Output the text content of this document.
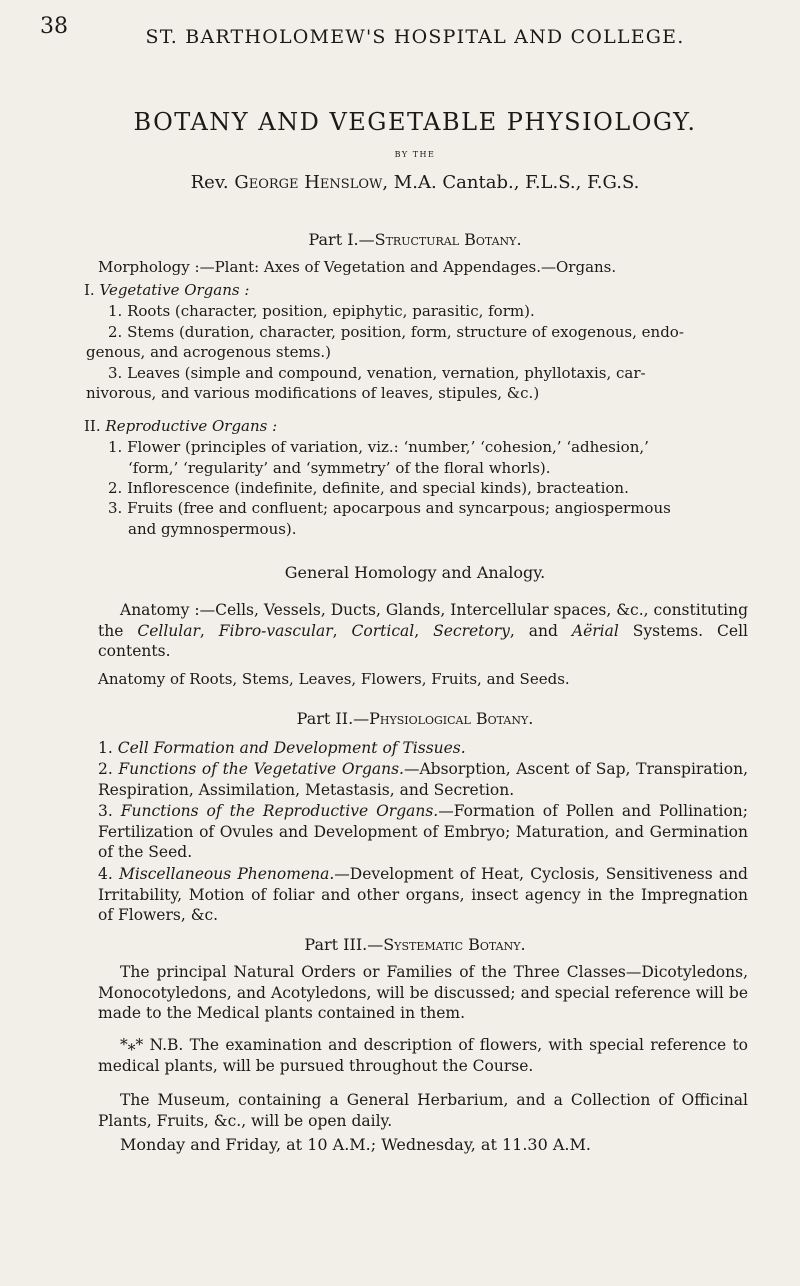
38	ST. BARTHOLOMEW'S HOSPITAL AND COLLEGE.
BOTANY AND VEGETABLE PHYSIOLOGY.
BY THE
Rev. George Henslow, M.A. Cantab., F.L.S., F.G.S.
Part I.—Structural Botany.
Morphology :—Plant: Axes of Vegetation and Appendages.—Organs.
I. Vegetative Organs :
1. Roots (character, position, epiphytic, parasitic, form).
2. Stems (duration, character, position, form, structure of exogenous, endo-
genous, and acrogenous stems.)
3. Leaves (simple and compound, venation, vernation, phyllotaxis, car-
nivorous, and various modifications of leaves, stipules, &c.)
II. Reproductive Organs :
1. Flower (principles of variation, viz.: ‘number,’ ‘cohesion,’ ‘adhesion,’
‘form,’ ‘regularity’ and ‘symmetry’ of the floral whorls).
2. Inflorescence (indefinite, definite, and special kinds), bracteation.
3. Fruits (free and confluent; apocarpous and syncarpous; angiospermous
and gymnospermous).
General Homology and Analogy.
Anatomy :—Cells, Vessels, Ducts, Glands, Intercellular spaces, &c., constituting the Cellular, Fibro-vascular, Cortical, Secretory, and Aërial Systems. Cell contents.
Anatomy of Roots, Stems, Leaves, Flowers, Fruits, and Seeds.
Part II.—Physiological Botany.
1. Cell Formation and Development of Tissues.
2. Functions of the Vegetative Organs.—Absorption, Ascent of Sap, Transpiration, Respiration, Assimilation, Metastasis, and Secretion.
3. Functions of the Reproductive Organs.—Formation of Pollen and Pollination; Fertilization of Ovules and Development of Embryo; Maturation, and Germination of the Seed.
4. Miscellaneous Phenomena.—Development of Heat, Cyclosis, Sensitiveness and Irritability, Motion of foliar and other organs, insect agency in the Impregnation of Flowers, &c.
Part III.—Systematic Botany.
The principal Natural Orders or Families of the Three Classes—Dicotyledons, Monocotyledons, and Acotyledons, will be discussed; and special reference will be made to the Medical plants contained in them.
*⁎* N.B. The examination and description of flowers, with special reference to medical plants, will be pursued throughout the Course.
The Museum, containing a General Herbarium, and a Collection of Officinal Plants, Fruits, &c., will be open daily.
Monday and Friday, at 10 A.M.; Wednesday, at 11.30 A.M.
